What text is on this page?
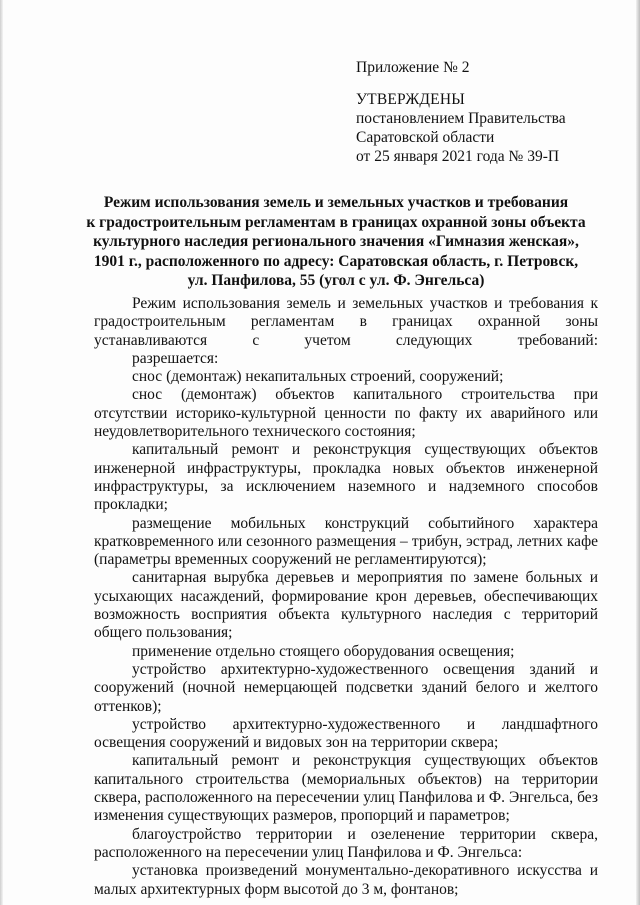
Приложение № 2
УТВЕРЖДЕНЫ
постановлением Правительства
Саратовской области
от 25 января 2021 года № 39-П
Режим использования земель и земельных участков и требования
к градостроительным регламентам в границах охранной зоны объекта
культурного наследия регионального значения «Гимназия женская»,
1901 г., расположенного по адресу: Саратовская область, г. Петровск,
ул. Панфилова, 55 (угол с ул. Ф. Энгельса)

Режим использования земель и земельных участков и требования к градостроительным регламентам в границах охранной зоны устанавливаются с учетом следующих требований:

разрешается:

снос (демонтаж) некапитальных строений, сооружений;

снос (демонтаж) объектов капитального строительства при отсутствии историко-культурной ценности по факту их аварийного или неудовлетворительного технического состояния;

капитальный ремонт и реконструкция существующих объектов инженерной инфраструктуры, прокладка новых объектов инженерной инфраструктуры, за исключением наземного и надземного способов прокладки;

размещение мобильных конструкций событийного характера кратковременного или сезонного размещения – трибун, эстрад, летних кафе (параметры временных сооружений не регламентируются);

санитарная вырубка деревьев и мероприятия по замене больных и усыхающих насаждений, формирование крон деревьев, обеспечивающих возможность восприятия объекта культурного наследия с территорий общего пользования;

применение отдельно стоящего оборудования освещения;

устройство архитектурно-художественного освещения зданий и сооружений (ночной немерцающей подсветки зданий белого и желтого оттенков);

устройство архитектурно-художественного и ландшафтного освещения сооружений и видовых зон на территории сквера;

капитальный ремонт и реконструкция существующих объектов капитального строительства (мемориальных объектов) на территории сквера, расположенного на пересечении улиц Панфилова и Ф. Энгельса, без изменения существующих размеров, пропорций и параметров;

благоустройство территории и озеленение территории сквера, расположенного на пересечении улиц Панфилова и Ф. Энгельса:

установка произведений монументально-декоративного искусства и малых архитектурных форм высотой до 3 м, фонтанов;
